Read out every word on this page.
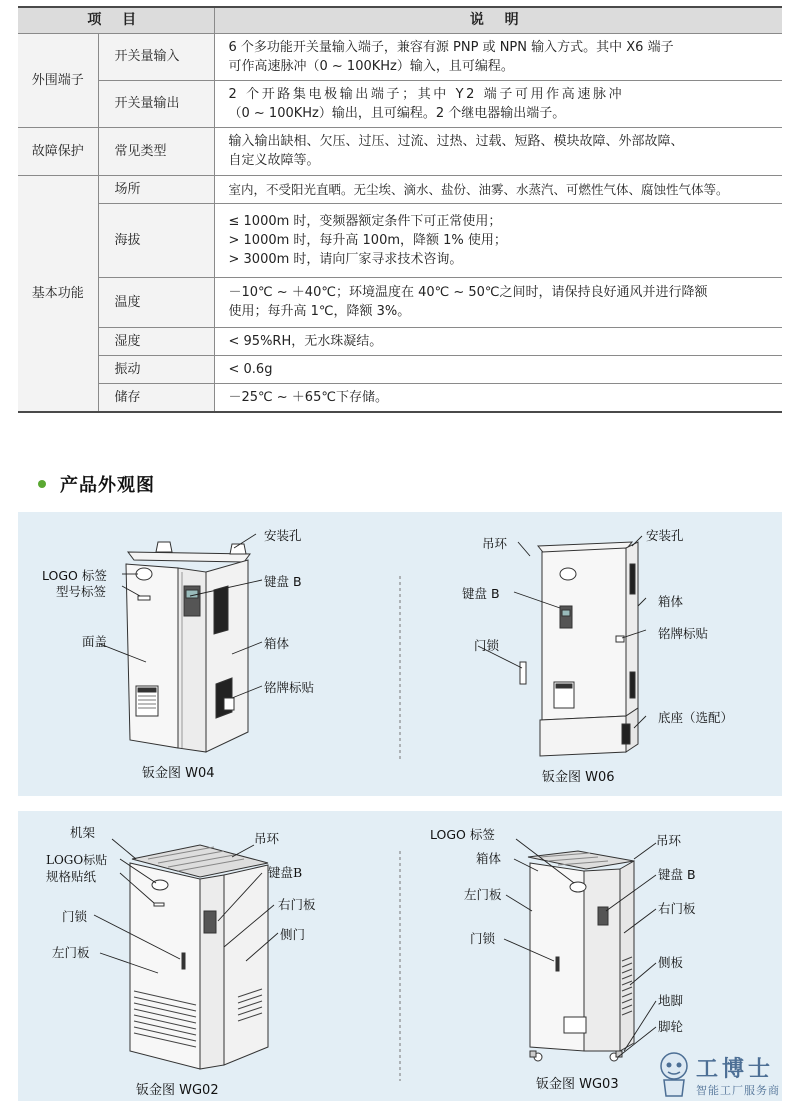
项 目		说 明
外围端子	开关量输入	6 个多功能开关量输入端子，兼容有源 PNP 或 NPN 输入方式。其中 X6 端子
可作高速脉冲（0 ~ 100KHz）输入，且可编程。

	开关量输出	2 个开路集电极输出端子；其中 Y2 端子可用作高速脉冲
（0 ~ 100KHz）输出，且可编程。2 个继电器输出端子。

故障保护	常见类型	输入输出缺相、欠压、过压、过流、过热、过载、短路、模块故障、外部故障、
自定义故障等。

基本功能	场所	室内，不受阳光直晒。无尘埃、滴水、盐份、油雾、水蒸汽、可燃性气体、腐蚀性气体等。

	海拔	≤ 1000m 时，变频器额定条件下可正常使用；
> 1000m 时，每升高 100m，降额 1% 使用；
> 3000m 时，请向厂家寻求技术咨询。

	温度	－10℃ ~ ＋40℃；环境温度在 40℃ ~ 50℃之间时，请保持良好通风并进行降额
使用；每升高 1℃，降额 3%。

	湿度	< 95%RH，无水珠凝结。

	振动	< 0.6g

	储存	－25℃ ~ ＋65℃下存储。
产品外观图
安装孔
LOGO 标签
型号标签
键盘 B
面盖	箱体
铭牌标贴
钣金图 W04
吊环
安装孔
键盘 B
箱体
铭牌标贴
门锁
底座（选配）
钣金图 W06
机架	吊环
LOGO标贴
规格贴纸	键盘B
右门板
门锁
侧门
左门板
钣金图 WG02
LOGO 标签	吊环
箱体
键盘 B
左门板
右门板
门锁
侧板
地脚
脚轮
钣金图 WG03
工博士
智能工厂服务商
